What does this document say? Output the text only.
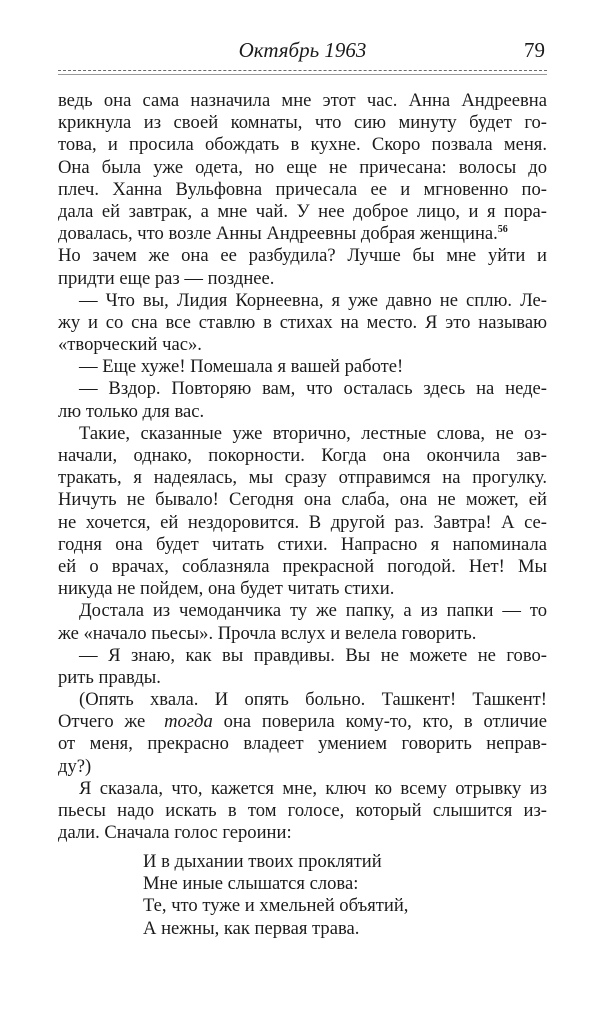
Октябрь 1963	79
ведь она сама назначила мне этот час. Анна Андреевна
крикнула из своей комнаты, что сию минуту будет го-
това, и просила обождать в кухне. Скоро позвала меня.
Она была уже одета, но еще не причесана: волосы до
плеч. Ханна Вульфовна причесала ее и мгновенно по-
дала ей завтрак, а мне чай. У нее доброе лицо, и я пора-
довалась, что возле Анны Андреевны добрая женщина.$^{56}$
Но зачем же она ее разбудила? Лучше бы мне уйти и
придти еще раз — позднее.
— Что вы, Лидия Корнеевна, я уже давно не сплю. Ле-
жу и со сна все ставлю в стихах на место. Я это называю
«творческий час».
— Еще хуже! Помешала я вашей работе!
— Вздор. Повторяю вам, что осталась здесь на неде-
лю только для вас.
Такие, сказанные уже вторично, лестные слова, не оз-
начали, однако, покорности. Когда она окончила зав-
тракать, я надеялась, мы сразу отправимся на прогулку.
Ничуть не бывало! Сегодня она слаба, она не может, ей
не хочется, ей нездоровится. В другой раз. Завтра! А се-
годня она будет читать стихи. Напрасно я напоминала
ей о врачах, соблазняла прекрасной погодой. Нет! Мы
никуда не пойдем, она будет читать стихи.
Достала из чемоданчика ту же папку, а из папки — то
же «начало пьесы». Прочла вслух и велела говорить.
— Я знаю, как вы правдивы. Вы не можете не гово-
рить правды.
(Опять хвала. И опять больно. Ташкент! Ташкент!
Отчего же тогда она поверила кому-то, кто, в отличие
от меня, прекрасно владеет умением говорить неправ-
ду?)
Я сказала, что, кажется мне, ключ ко всему отрывку из
пьесы надо искать в том голосе, который слышится из-
дали. Сначала голос героини:
И в дыхании твоих проклятий
Мне иные слышатся слова:
Те, что туже и хмельней объятий,
А нежны, как первая трава.
